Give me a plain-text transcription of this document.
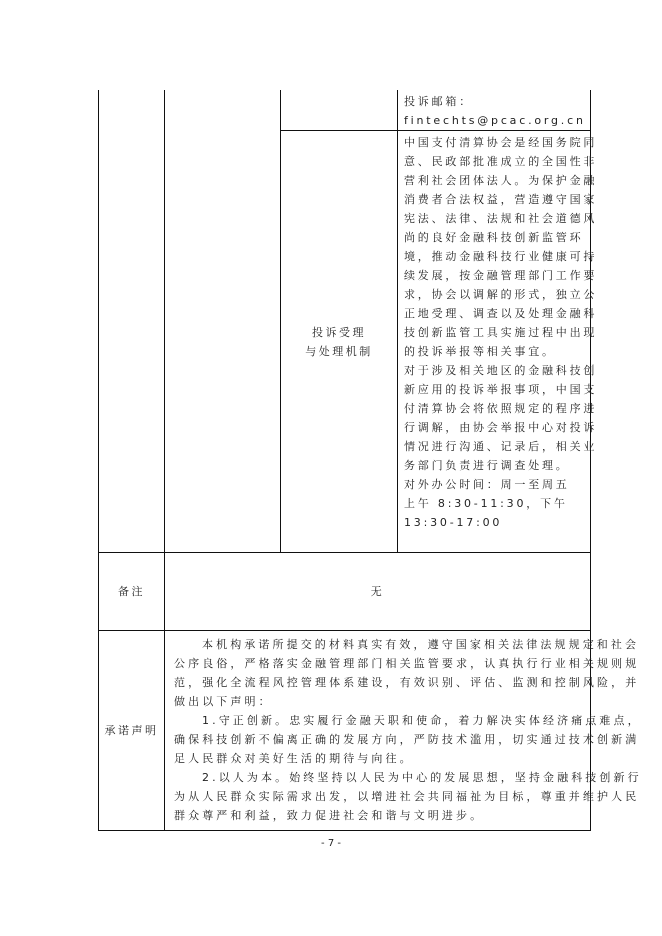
投诉邮箱：
fintechts@pcac.org.cn
投诉受理
与处理机制
中国支付清算协会是经国务院同
意、民政部批准成立的全国性非
营利社会团体法人。为保护金融
消费者合法权益，营造遵守国家
宪法、法律、法规和社会道德风
尚的良好金融科技创新监管环
境，推动金融科技行业健康可持
续发展，按金融管理部门工作要
求，协会以调解的形式，独立公
正地受理、调查以及处理金融科
技创新监管工具实施过程中出现
的投诉举报等相关事宜。
对于涉及相关地区的金融科技创
新应用的投诉举报事项，中国支
付清算协会将依照规定的程序进
行调解，由协会举报中心对投诉
情况进行沟通、记录后，相关业
务部门负责进行调查处理。
对外办公时间：周一至周五
上午 8:30-11:30，下午
13:30-17:00
备注	无
承诺声明
本机构承诺所提交的材料真实有效，遵守国家相关法律法规规定和社会
公序良俗，严格落实金融管理部门相关监管要求，认真执行行业相关规则规
范，强化全流程风控管理体系建设，有效识别、评估、监测和控制风险，并
做出以下声明：
1.守正创新。忠实履行金融天职和使命，着力解决实体经济痛点难点，
确保科技创新不偏离正确的发展方向，严防技术滥用，切实通过技术创新满
足人民群众对美好生活的期待与向往。
2.以人为本。始终坚持以人民为中心的发展思想，坚持金融科技创新行
为从人民群众实际需求出发，以增进社会共同福祉为目标，尊重并维护人民
群众尊严和利益，致力促进社会和谐与文明进步。
- 7 -
